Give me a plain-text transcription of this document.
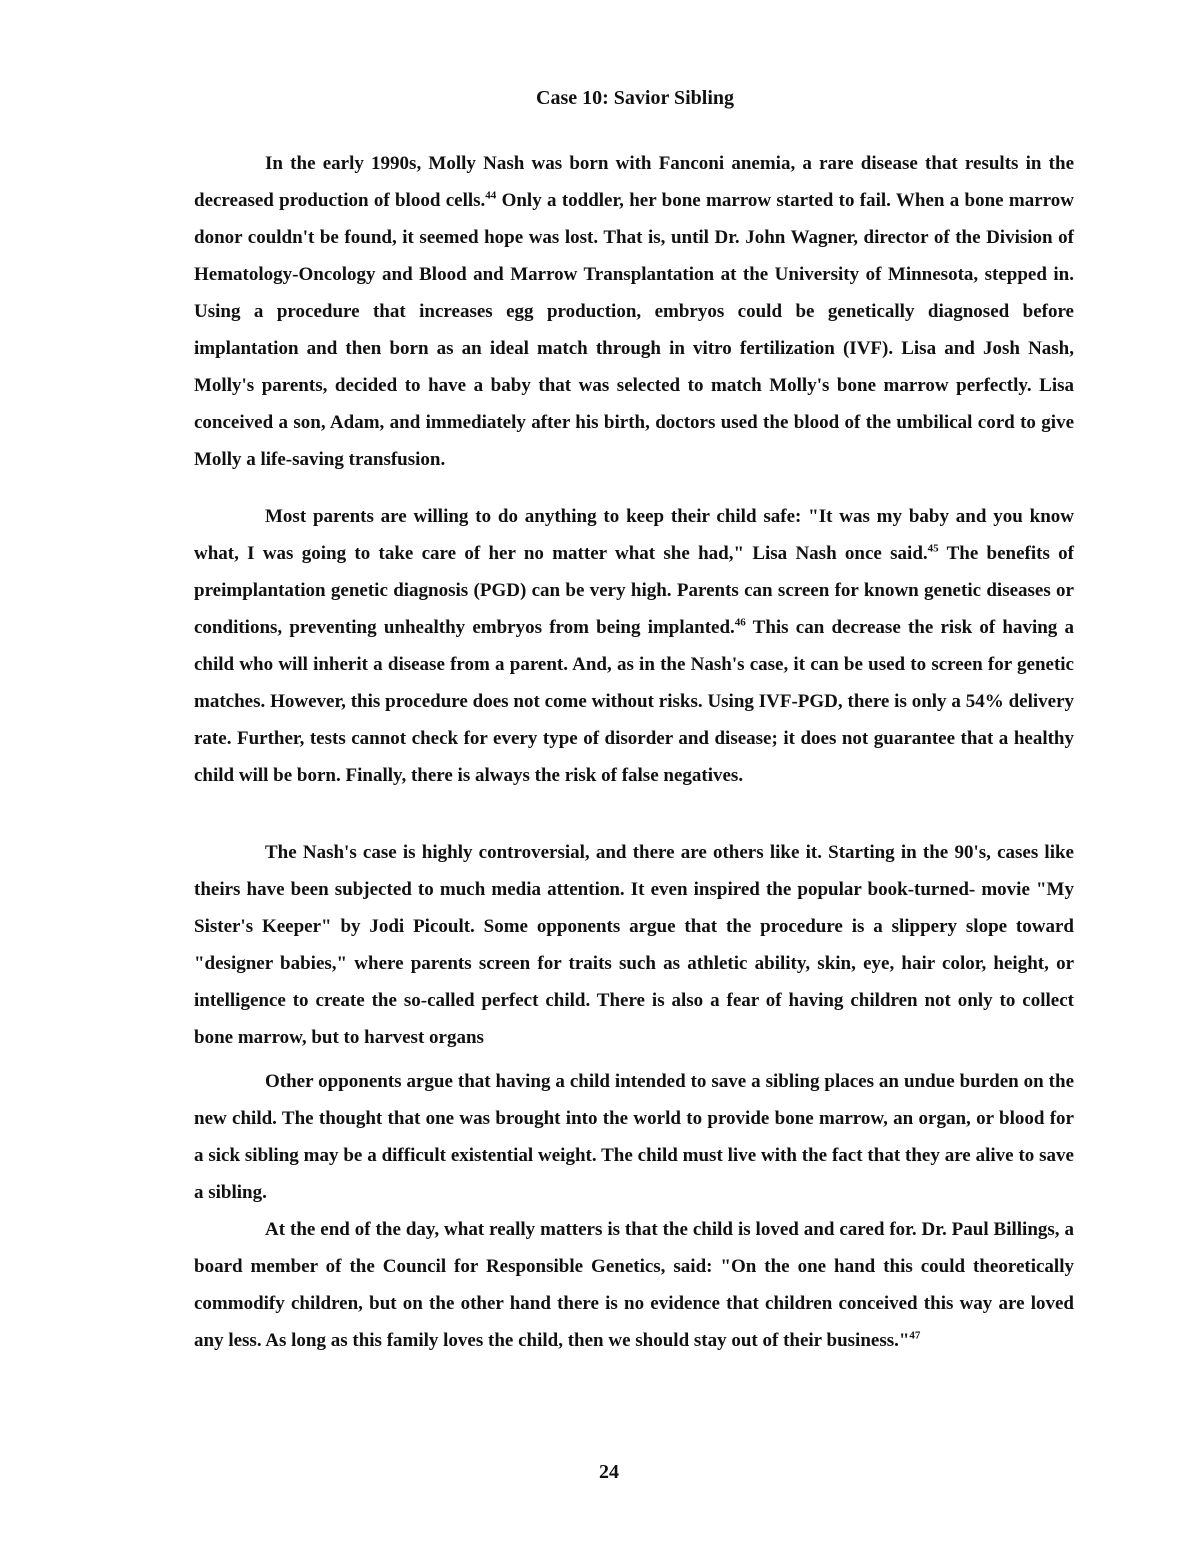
Case 10: Savior Sibling

In the early 1990s, Molly Nash was born with Fanconi anemia, a rare disease that results in the decreased production of blood cells.$^{44}$ Only a toddler, her bone marrow started to fail. When a bone marrow donor couldn't be found, it seemed hope was lost. That is, until Dr. John Wagner, director of the Division of Hematology-Oncology and Blood and Marrow Transplantation at the University of Minnesota, stepped in. Using a procedure that increases egg production, embryos could be genetically diagnosed before implantation and then born as an ideal match through in vitro fertilization (IVF). Lisa and Josh Nash, Molly's parents, decided to have a baby that was selected to match Molly's bone marrow perfectly. Lisa conceived a son, Adam, and immediately after his birth, doctors used the blood of the umbilical cord to give Molly a life-saving transfusion.

Most parents are willing to do anything to keep their child safe: "It was my baby and you know what, I was going to take care of her no matter what she had," Lisa Nash once said.$^{45}$ The benefits of preimplantation genetic diagnosis (PGD) can be very high. Parents can screen for known genetic diseases or conditions, preventing unhealthy embryos from being implanted.$^{46}$ This can decrease the risk of having a child who will inherit a disease from a parent. And, as in the Nash's case, it can be used to screen for genetic matches. However, this procedure does not come without risks. Using IVF-PGD, there is only a 54% delivery rate. Further, tests cannot check for every type of disorder and disease; it does not guarantee that a healthy child will be born. Finally, there is always the risk of false negatives.

The Nash's case is highly controversial, and there are others like it. Starting in the 90's, cases like theirs have been subjected to much media attention. It even inspired the popular book-turned- movie "My Sister's Keeper" by Jodi Picoult. Some opponents argue that the procedure is a slippery slope toward "designer babies," where parents screen for traits such as athletic ability, skin, eye, hair color, height, or intelligence to create the so-called perfect child. There is also a fear of having children not only to collect bone marrow, but to harvest organs

Other opponents argue that having a child intended to save a sibling places an undue burden on the new child. The thought that one was brought into the world to provide bone marrow, an organ, or blood for a sick sibling may be a difficult existential weight. The child must live with the fact that they are alive to save a sibling.

At the end of the day, what really matters is that the child is loved and cared for. Dr. Paul Billings, a board member of the Council for Responsible Genetics, said: "On the one hand this could theoretically commodify children, but on the other hand there is no evidence that children conceived this way are loved any less. As long as this family loves the child, then we should stay out of their business."$^{47}$

24
